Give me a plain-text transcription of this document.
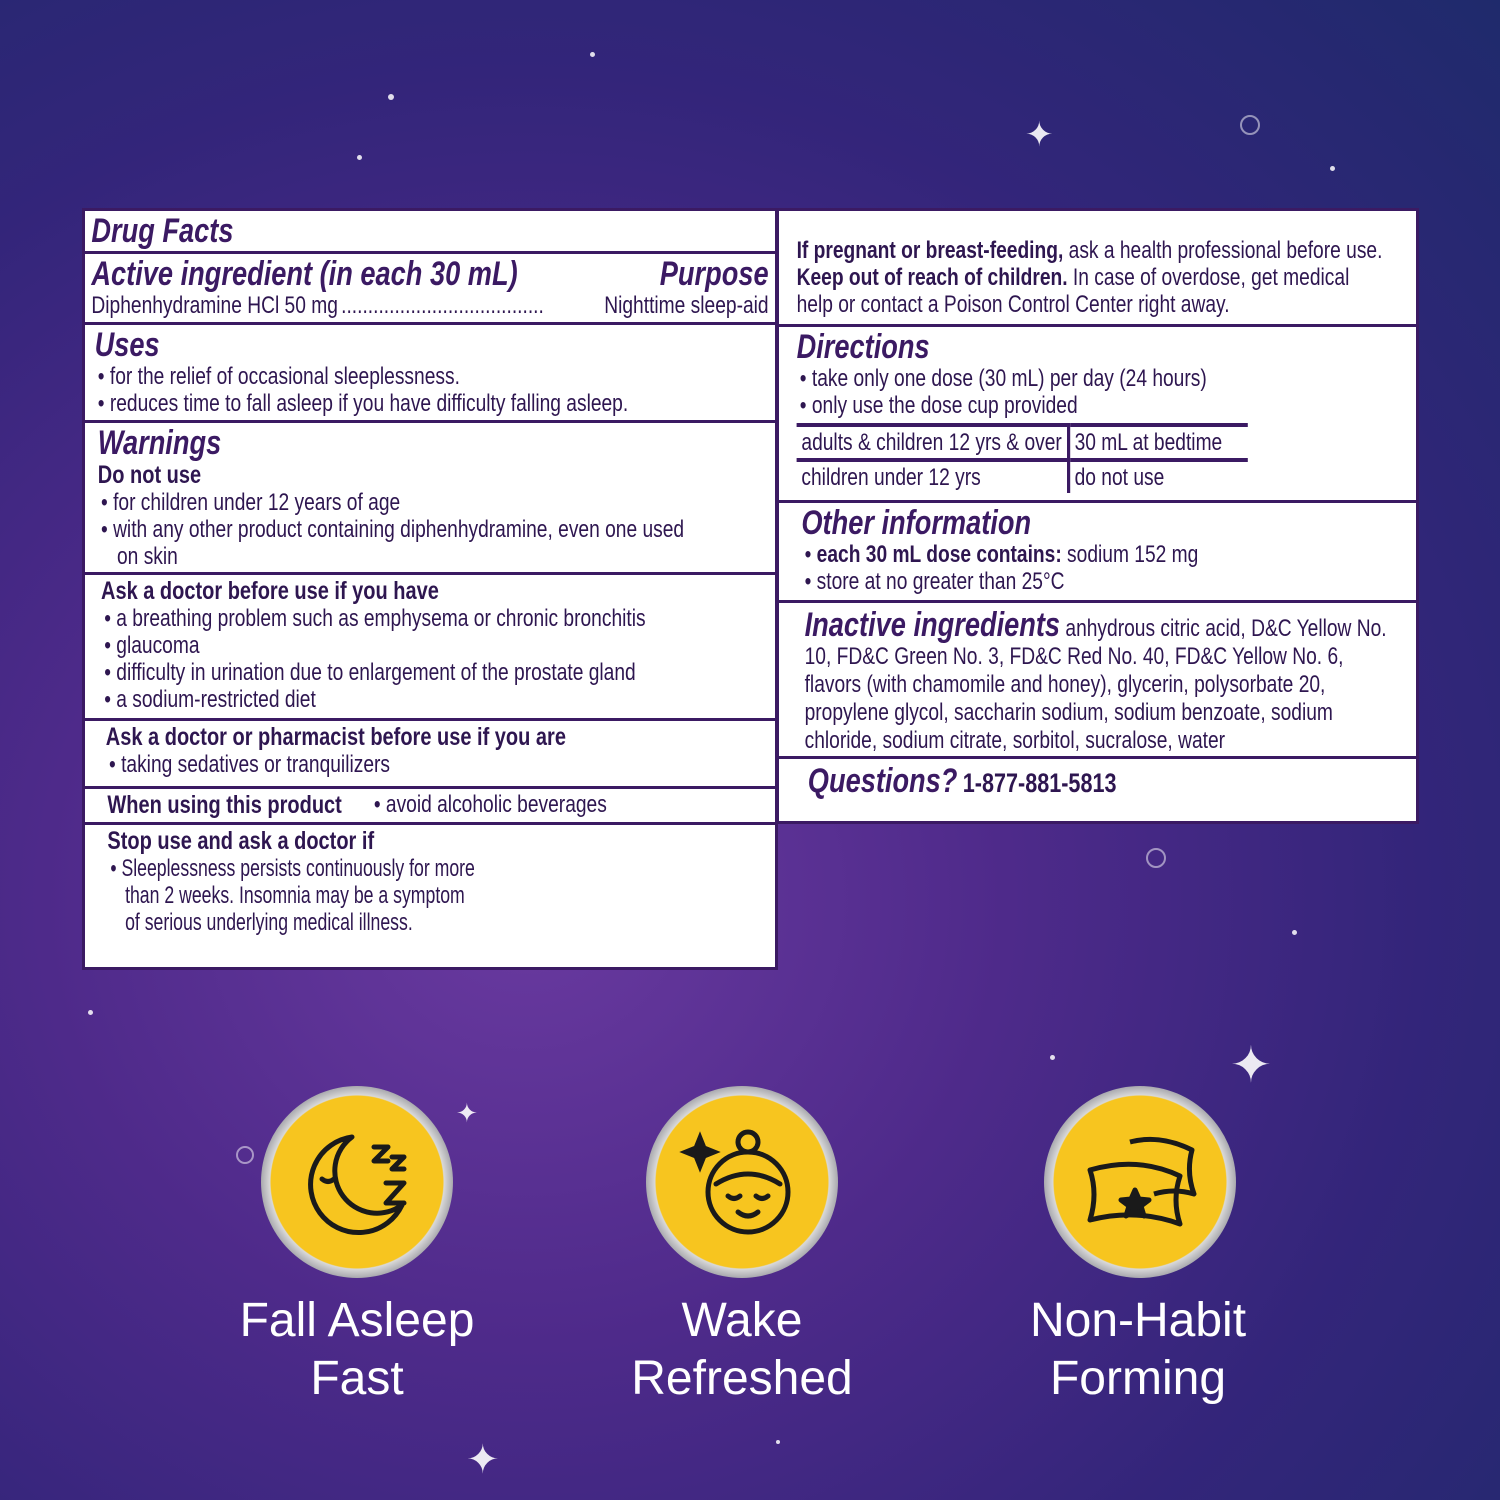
✦
✦
✦
✦
Drug Facts
Active ingredient (in each 30 mL)	Purpose
Diphenhydramine HCl 50 mg ......................................	Nighttime sleep-aid
Uses
• for the relief of occasional sleeplessness.
• reduces time to fall asleep if you have difficulty falling asleep.
Warnings
Do not use
• for children under 12 years of age
• with any other product containing diphenhydramine, even one used
on skin
Ask a doctor before use if you have
• a breathing problem such as emphysema or chronic bronchitis
• glaucoma
• difficulty in urination due to enlargement of the prostate gland
• a sodium-restricted diet
Ask a doctor or pharmacist before use if you are
• taking sedatives or tranquilizers
When using this product	• avoid alcoholic beverages
Stop use and ask a doctor if
• Sleeplessness persists continuously for more
than 2 weeks. Insomnia may be a symptom
of serious underlying medical illness.
If pregnant or breast-feeding, ask a health professional before use. Keep out of reach of children. In case of overdose, get medical help or contact a Poison Control Center right away.
Directions
• take only one dose (30 mL) per day (24 hours)
• only use the dose cup provided
adults & children 12 yrs & over	30 mL at bedtime
children under 12 yrs	do not use
Other information
• each 30 mL dose contains: sodium 152 mg
• store at no greater than 25°C
Inactive ingredients anhydrous citric acid, D&C Yellow No. 10, FD&C Green No. 3, FD&C Red No. 40, FD&C Yellow No. 6, flavors (with chamomile and honey), glycerin, polysorbate 20, propylene glycol, saccharin sodium, sodium benzoate, sodium chloride, sodium citrate, sorbitol, sucralose, water
Questions? 1-877-881-5813
Fall Asleep
Fast
Wake
Refreshed
Non-Habit
Forming
